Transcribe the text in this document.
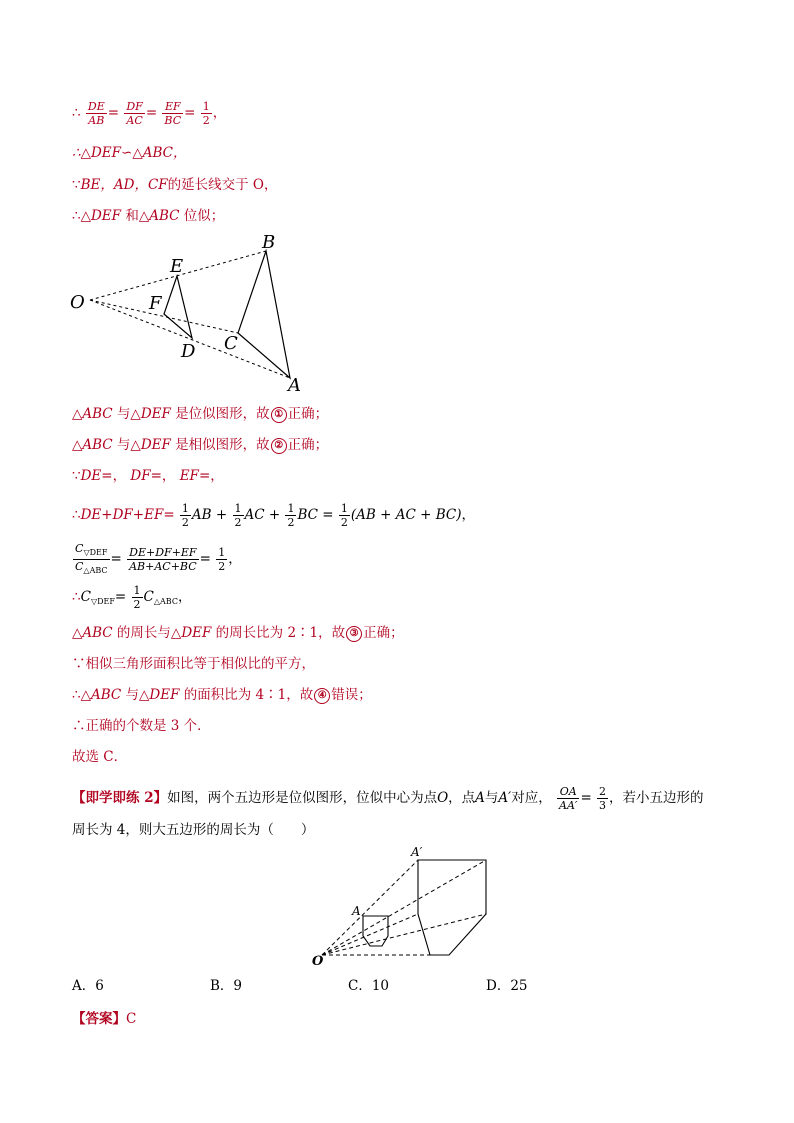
∴ $\frac{DE}{AB} = \frac{DF}{AC} = \frac{EF}{BC} = \frac{1}{2}$ ，
∴△DEF∽△ABC，
∵BE，AD，CF的延长线交于 O，
∴△DEF 和△ABC 位似；
O
E
F
D
B
C
A
△ABC 与△DEF 是位似图形，故 ① 正确；
△ABC 与△DEF 是相似图形，故 ② 正确；
∵DE=， DF=， EF=，
∴DE+DF+EF= $\frac{1}{2}$ AB + $\frac{1}{2}$ AC + $\frac{1}{2}$ BC = $\frac{1}{2} (AB$ + AC + BC)，
$\frac{C_{▽DEF}}{C_{\triangle ABC}} = \frac{DE+DF+EF}{AB+AC+BC} = \frac{1}{2}$ ，
$\therefore C_{▽DEF}= \frac{1}{2} C_{\triangle ABC}$，
△ABC 的周长与△DEF 的周长比为 2∶1，故 ③ 正确；
∵相似三角形面积比等于相似比的平方，
∴△ABC 与△DEF 的面积比为 4∶1，故 ④ 错误；
∴正确的个数是 3 个．
故选 C．
【即学即练 2】如图，两个五边形是位似图形，位似中心为点O，点A与A′对应， $\frac{OA}{AA'} = \frac{2}{3}$ ，若小五边形的
周长为 4，则大五边形的周长为（　　）
A′
A
O
A．6	B．9	C．10	D．25
【答案】C
